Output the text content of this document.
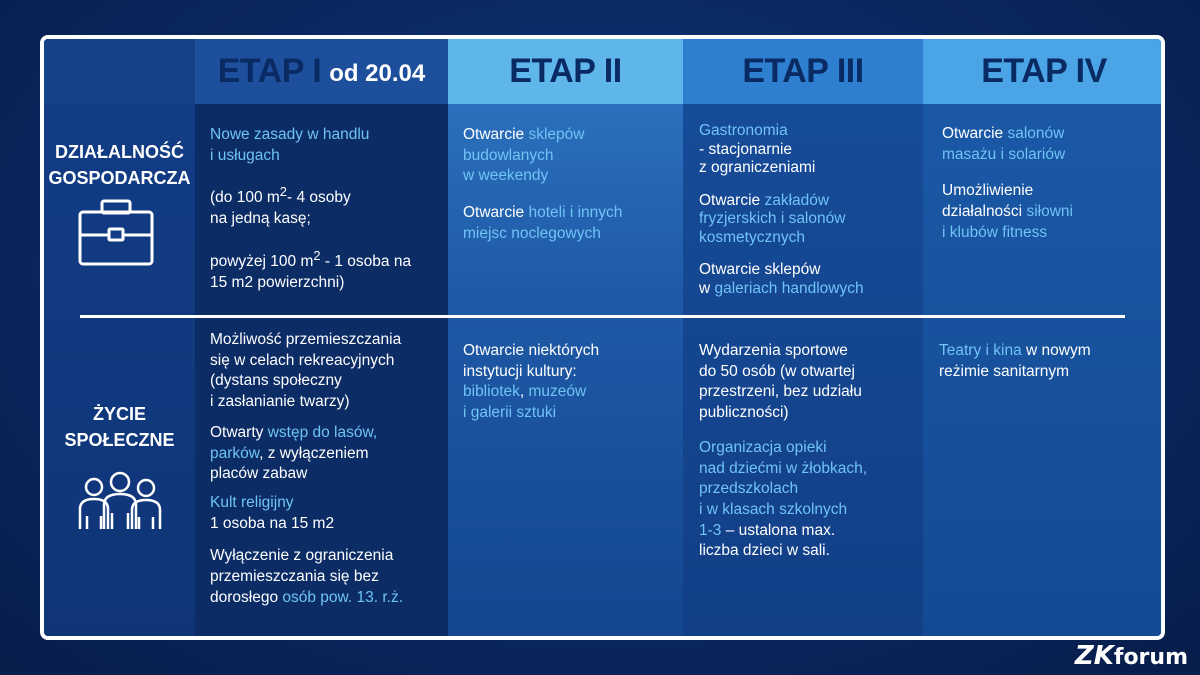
ETAP I od 20.04 ETAP II	ETAP III	ETAP IV
DZIAŁALNOŚĆ
GOSPODARCZA
ŻYCIE
SPOŁECZNE

Nowe zasady w handlu
i usługach

(do 100 $m^2-$ 4 osoby
na jedną kasę;

powyżej 100 $m^2 - 1$ osoba na
15 m2 powierzchni)

Otwarcie sklepów
budowlanych
w weekendy

Otwarcie hoteli i innych
miejsc noclegowych

Gastronomia
- stacjonarnie
z ograniczeniami

Otwarcie zakładów
fryzjerskich i salonów
kosmetycznych

Otwarcie sklepów
w galeriach handlowych

Otwarcie salonów
masażu i solariów

Umożliwienie
działalności siłowni
i klubów fitness

Możliwość przemieszczania
się w celach rekreacyjnych
(dystans społeczny
i zasłanianie twarzy)

Otwarty wstęp do lasów,
parków, z wyłączeniem
placów zabaw

Kult religijny
1 osoba na 15 m2

Wyłączenie z ograniczenia
przemieszczania się bez
dorosłego osób pow. 13. r.ż.

Otwarcie niektórych
instytucji kultury:
bibliotek, muzeów
i galerii sztuki

Wydarzenia sportowe
do 50 osób (w otwartej
przestrzeni, bez udziału
publiczności)

Organizacja opieki
nad dziećmi w żłobkach,
przedszkolach
i w klasach szkolnych
1-3 – ustalona max.
liczba dzieci w sali.

Teatry i kina w nowym
reżimie sanitarnym

ZKforum
